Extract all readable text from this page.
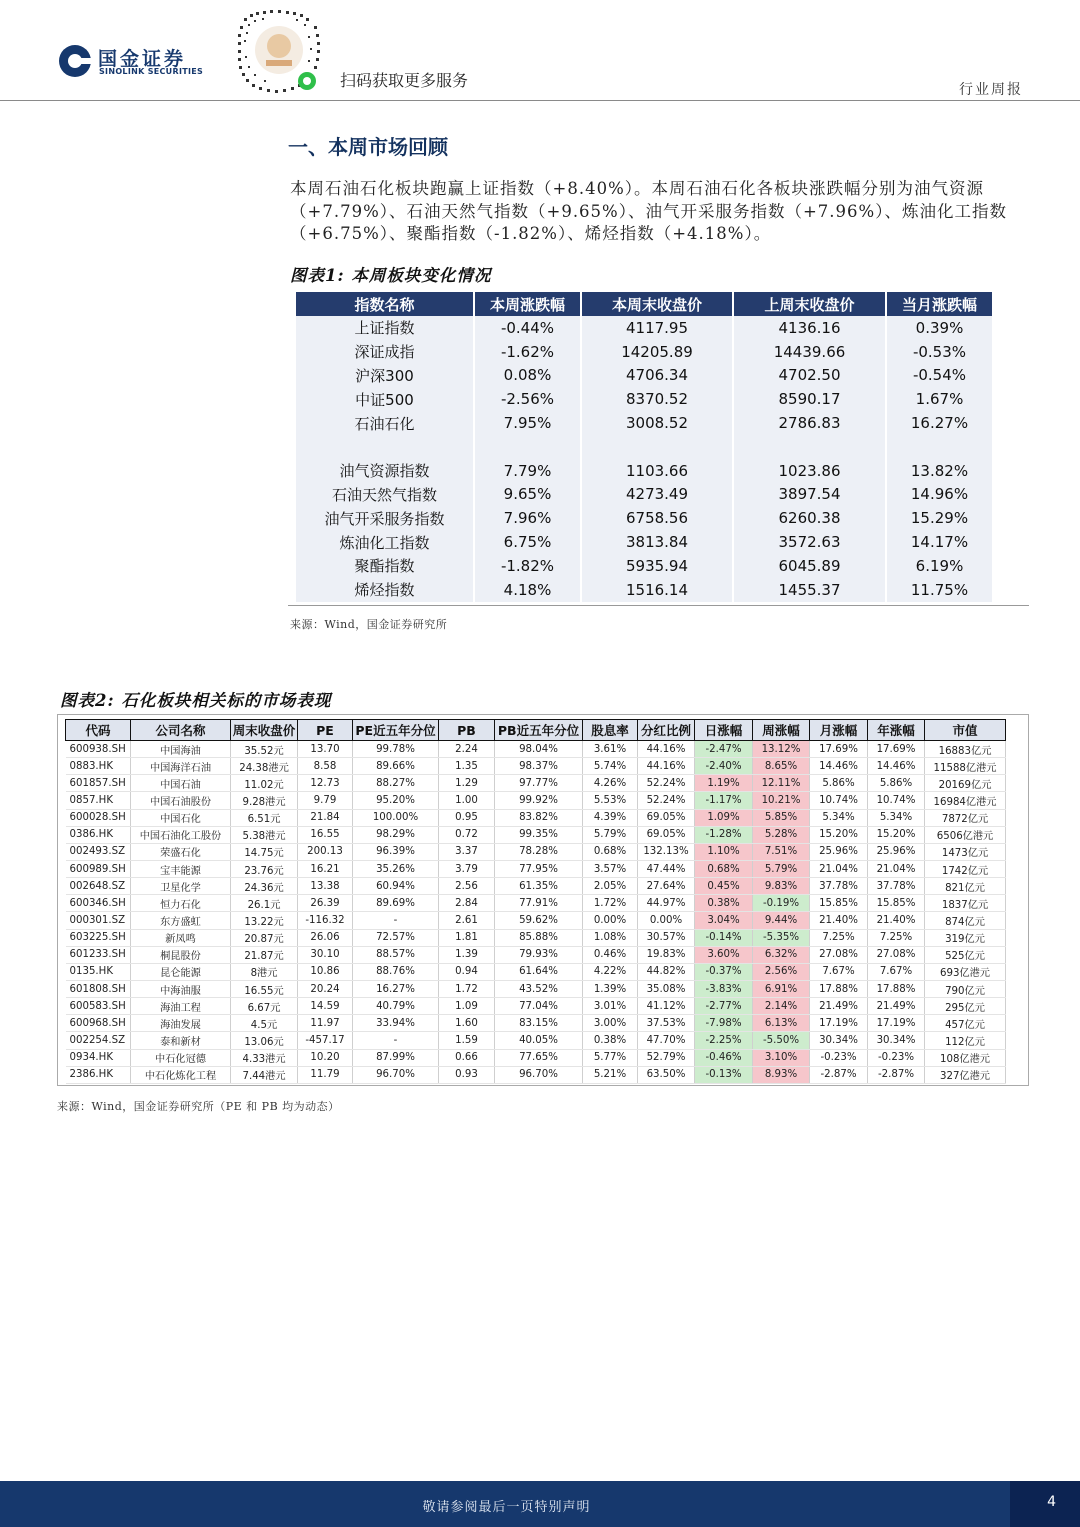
国金证券
SINOLINK SECURITIES	扫码获取更多服务	行业周报
一、本周市场回顾
本周石油石化板块跑赢上证指数（+8.40%）。本周石油石化各板块涨跌幅分别为油气资源（+7.79%）、石油天然气指数（+9.65%）、油气开采服务指数（+7.96%）、炼油化工指数（+6.75%）、聚酯指数（-1.82%）、烯烃指数（+4.18%）。
图表1: 本周板块变化情况
指数名称	本周涨跌幅	本周末收盘价	上周末收盘价	当月涨跌幅
上证指数	-0.44%	4117.95	4136.16	0.39%
深证成指	-1.62%	14205.89	14439.66	-0.53%
沪深300	0.08%	4706.34	4702.50	-0.54%
中证500	-2.56%	8370.52	8590.17	1.67%
石油石化	7.95%	3008.52	2786.83	16.27%

油气资源指数	7.79%	1103.66	1023.86	13.82%
石油天然气指数	9.65%	4273.49	3897.54	14.96%
油气开采服务指数	7.96%	6758.56	6260.38	15.29%
炼油化工指数	6.75%	3813.84	3572.63	14.17%
聚酯指数	-1.82%	5935.94	6045.89	6.19%
烯烃指数	4.18%	1516.14	1455.37	11.75%
来源：Wind，国金证券研究所
图表2: 石化板块相关标的市场表现
代码	公司名称	周末收盘价	PE	PE近五年分位	PB	PB近五年分位	股息率	分红比例	日涨幅	周涨幅	月涨幅	年涨幅	市值
600938.SH	中国海油	35.52元	13.70	99.78%	2.24	98.04%	3.61%	44.16%	-2.47%	13.12%	17.69%	17.69%	16883亿元
0883.HK	中国海洋石油	24.38港元	8.58	89.66%	1.35	98.37%	5.74%	44.16%	-2.40%	8.65%	14.46%	14.46%	11588亿港元
601857.SH	中国石油	11.02元	12.73	88.27%	1.29	97.77%	4.26%	52.24%	1.19%	12.11%	5.86%	5.86%	20169亿元
0857.HK	中国石油股份	9.28港元	9.79	95.20%	1.00	99.92%	5.53%	52.24%	-1.17%	10.21%	10.74%	10.74%	16984亿港元
600028.SH	中国石化	6.51元	21.84	100.00%	0.95	83.82%	4.39%	69.05%	1.09%	5.85%	5.34%	5.34%	7872亿元
0386.HK	中国石油化工股份	5.38港元	16.55	98.29%	0.72	99.35%	5.79%	69.05%	-1.28%	5.28%	15.20%	15.20%	6506亿港元
002493.SZ	荣盛石化	14.75元	200.13	96.39%	3.37	78.28%	0.68%	132.13%	1.10%	7.51%	25.96%	25.96%	1473亿元
600989.SH	宝丰能源	23.76元	16.21	35.26%	3.79	77.95%	3.57%	47.44%	0.68%	5.79%	21.04%	21.04%	1742亿元
002648.SZ	卫星化学	24.36元	13.38	60.94%	2.56	61.35%	2.05%	27.64%	0.45%	9.83%	37.78%	37.78%	821亿元
600346.SH	恒力石化	26.1元	26.39	89.69%	2.84	77.91%	1.72%	44.97%	0.38%	-0.19%	15.85%	15.85%	1837亿元
000301.SZ	东方盛虹	13.22元	-116.32	-	2.61	59.62%	0.00%	0.00%	3.04%	9.44%	21.40%	21.40%	874亿元
603225.SH	新凤鸣	20.87元	26.06	72.57%	1.81	85.88%	1.08%	30.57%	-0.14%	-5.35%	7.25%	7.25%	319亿元
601233.SH	桐昆股份	21.87元	30.10	88.57%	1.39	79.93%	0.46%	19.83%	3.60%	6.32%	27.08%	27.08%	525亿元
0135.HK	昆仑能源	8港元	10.86	88.76%	0.94	61.64%	4.22%	44.82%	-0.37%	2.56%	7.67%	7.67%	693亿港元
601808.SH	中海油服	16.55元	20.24	16.27%	1.72	43.52%	1.39%	35.08%	-3.83%	6.91%	17.88%	17.88%	790亿元
600583.SH	海油工程	6.67元	14.59	40.79%	1.09	77.04%	3.01%	41.12%	-2.77%	2.14%	21.49%	21.49%	295亿元
600968.SH	海油发展	4.5元	11.97	33.94%	1.60	83.15%	3.00%	37.53%	-7.98%	6.13%	17.19%	17.19%	457亿元
002254.SZ	泰和新材	13.06元	-457.17	-	1.59	40.05%	0.38%	47.70%	-2.25%	-5.50%	30.34%	30.34%	112亿元
0934.HK	中石化冠德	4.33港元	10.20	87.99%	0.66	77.65%	5.77%	52.79%	-0.46%	3.10%	-0.23%	-0.23%	108亿港元
2386.HK	中石化炼化工程	7.44港元	11.79	96.70%	0.93	96.70%	5.21%	63.50%	-0.13%	8.93%	-2.87%	-2.87%	327亿港元
来源：Wind，国金证券研究所（PE 和 PB 均为动态）
敬请参阅最后一页特别声明	4
